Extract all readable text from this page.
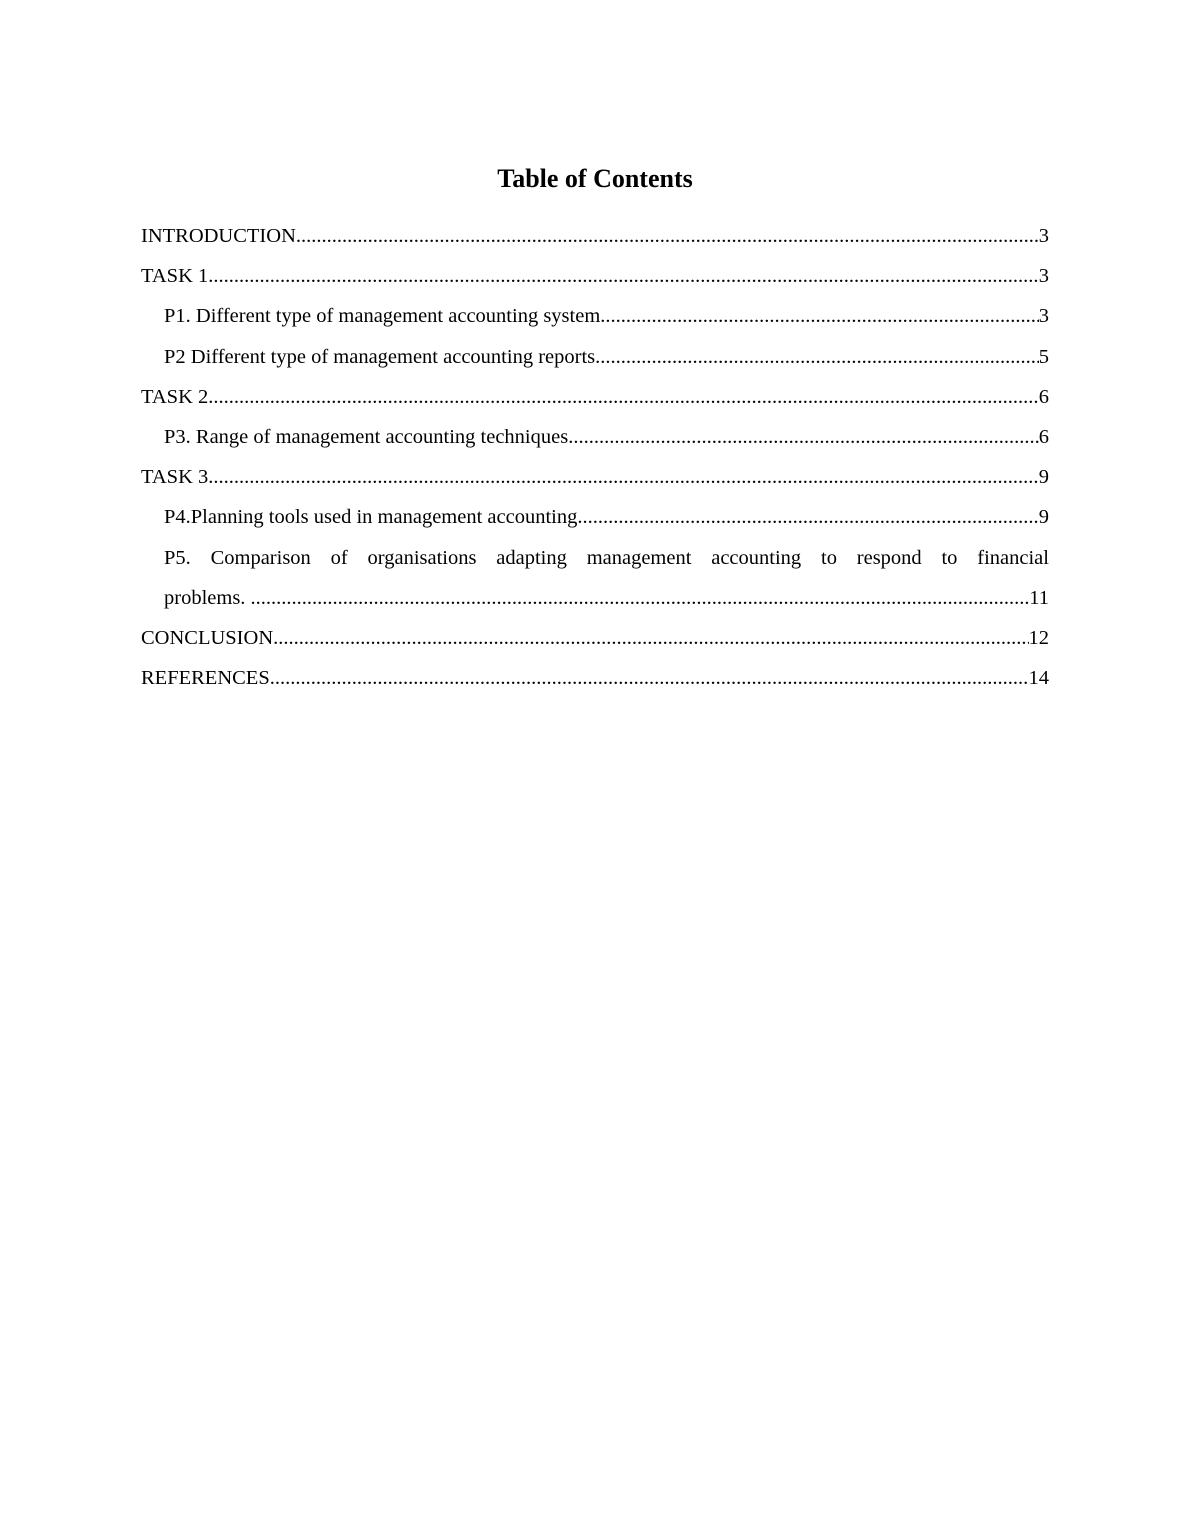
Table of Contents
INTRODUCTION .....	3
TASK 1 .....	3
P1. Different type of management accounting system .....	3
P2 Different type of management accounting reports .....	5
TASK 2 .....	6
P3. Range of management accounting techniques .....	6
TASK 3 .....	9
P4.Planning tools used in management accounting .....	9
P5. Comparison of organisations adapting management accounting to respond to financial
problems. .....	11
CONCLUSION .....	12
REFERENCES .....	14
